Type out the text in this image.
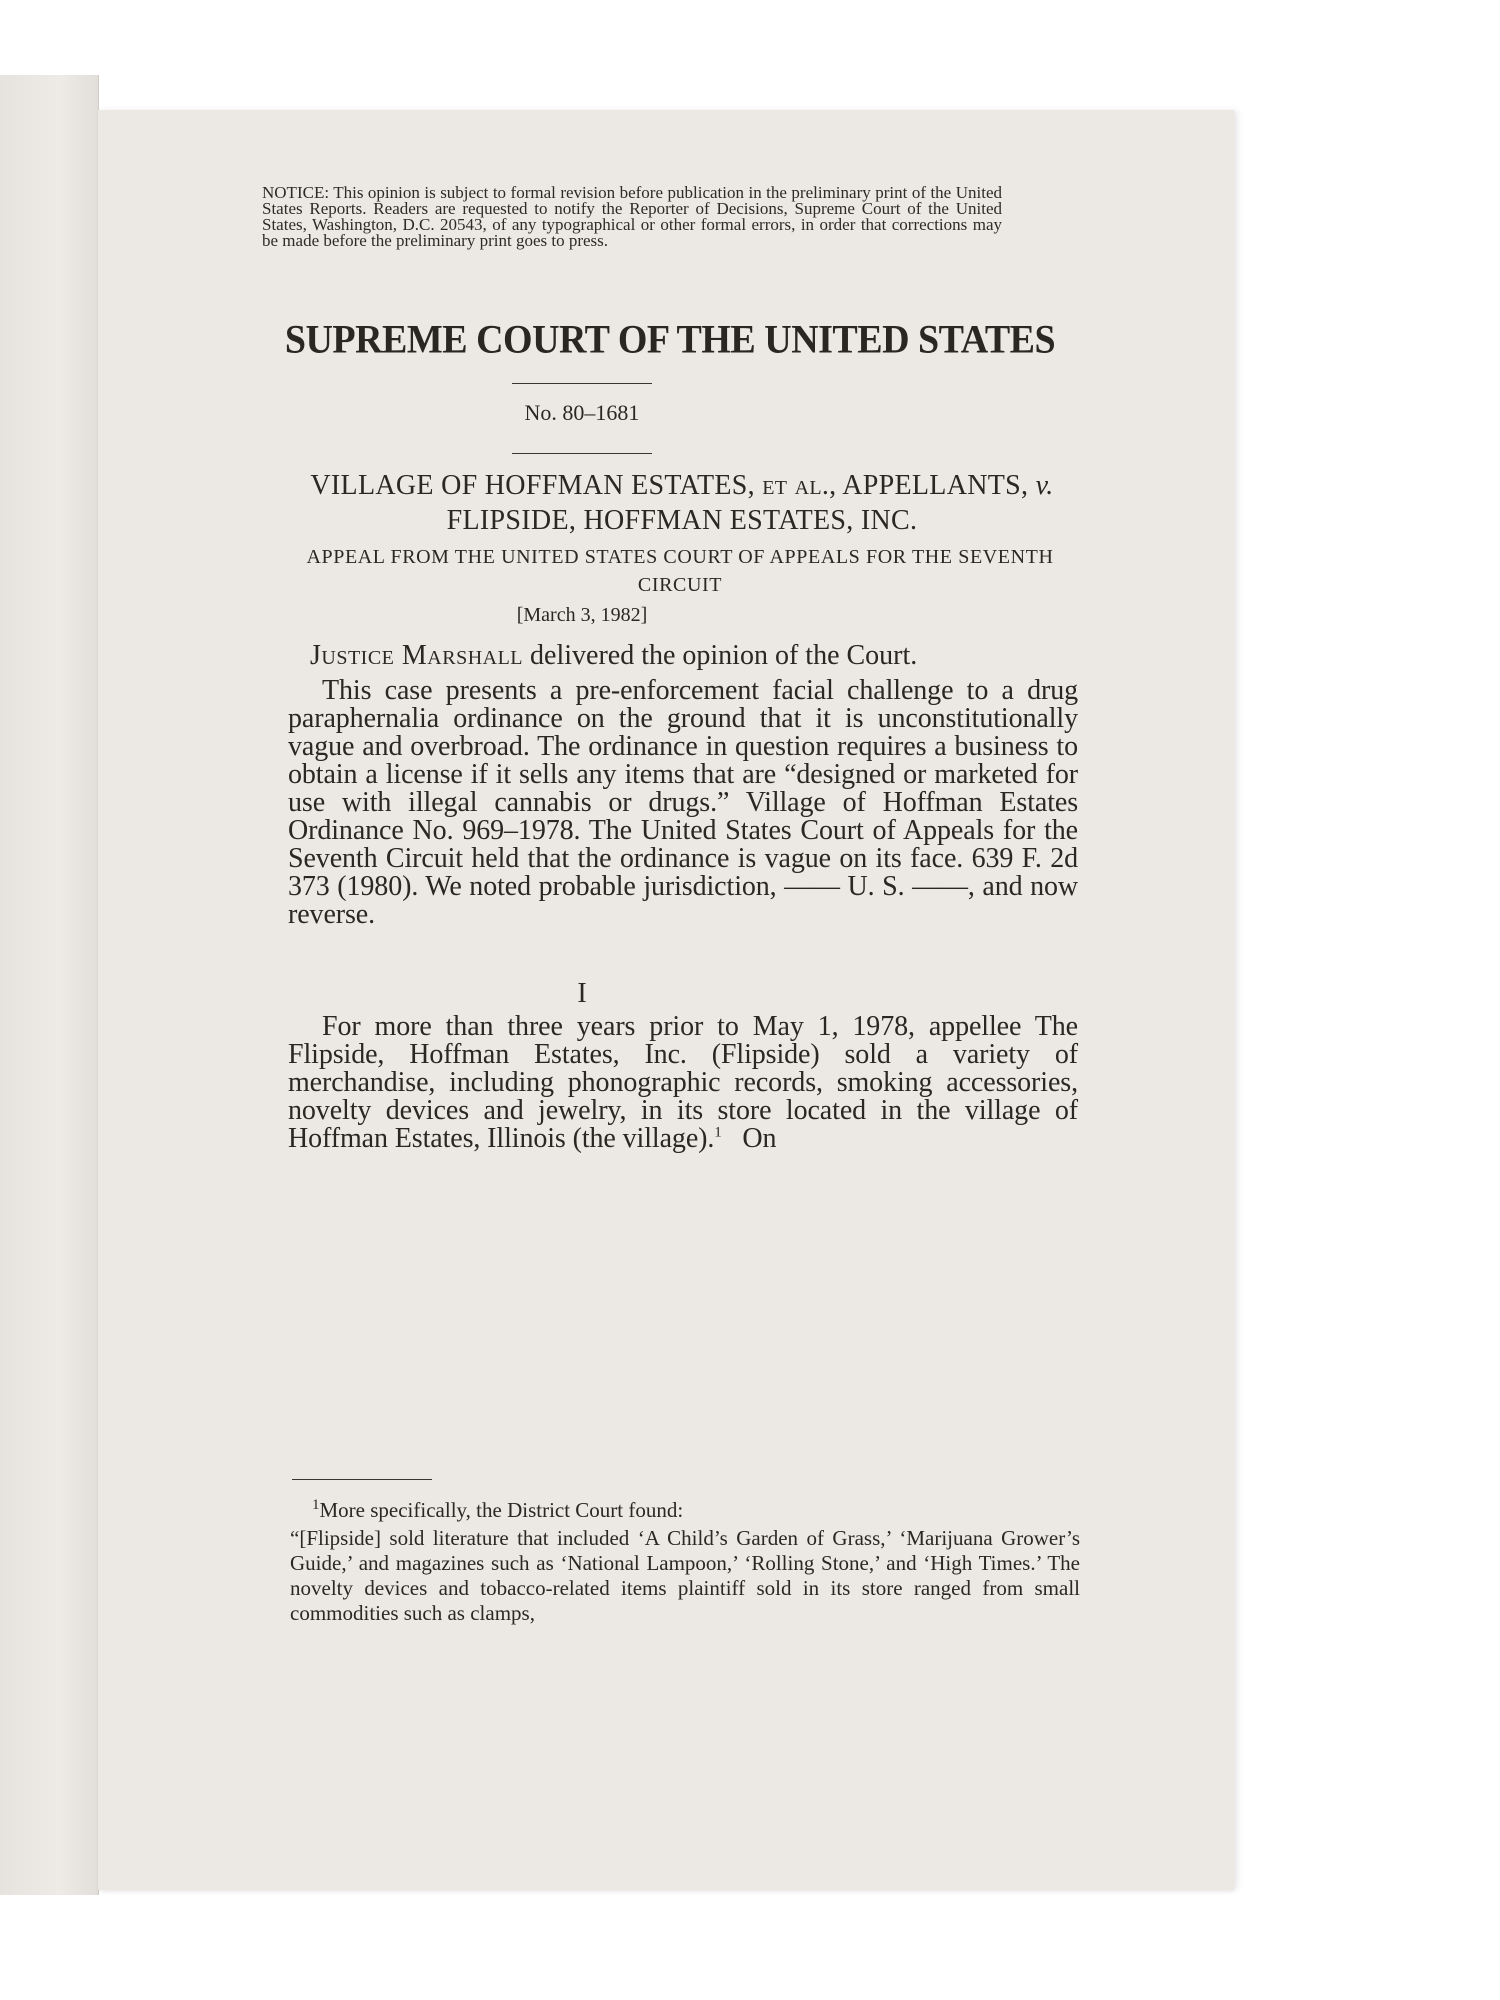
NOTICE: This opinion is subject to formal revision before publication in the preliminary print of the United States Reports. Readers are requested to notify the Reporter of Decisions, Supreme Court of the United States, Washington, D.C. 20543, of any typographical or other formal errors, in order that corrections may be made before the preliminary print goes to press.
SUPREME COURT OF THE UNITED STATES
No. 80–1681
VILLAGE OF HOFFMAN ESTATES, et al., APPELLANTS, v. FLIPSIDE, HOFFMAN ESTATES, INC.
APPEAL FROM THE UNITED STATES COURT OF APPEALS FOR THE SEVENTH CIRCUIT
[March 3, 1982]
Justice Marshall delivered the opinion of the Court.
This case presents a pre-enforcement facial challenge to a drug paraphernalia ordinance on the ground that it is unconstitutionally vague and overbroad. The ordinance in question requires a business to obtain a license if it sells any items that are “designed or marketed for use with illegal cannabis or drugs.” Village of Hoffman Estates Ordinance No. 969–1978. The United States Court of Appeals for the Seventh Circuit held that the ordinance is vague on its face. 639 F. 2d 373 (1980). We noted probable jurisdiction, —— U. S. ——, and now reverse.
I
For more than three years prior to May 1, 1978, appellee The Flipside, Hoffman Estates, Inc. (Flipside) sold a variety of merchandise, including phonographic records, smoking accessories, novelty devices and jewelry, in its store located in the village of Hoffman Estates, Illinois (the village).$^1$ On
$^1$More specifically, the District Court found:
“[Flipside] sold literature that included ‘A Child’s Garden of Grass,’ ‘Marijuana Grower’s Guide,’ and magazines such as ‘National Lampoon,’ ‘Rolling Stone,’ and ‘High Times.’ The novelty devices and tobacco-related items plaintiff sold in its store ranged from small commodities such as clamps,
